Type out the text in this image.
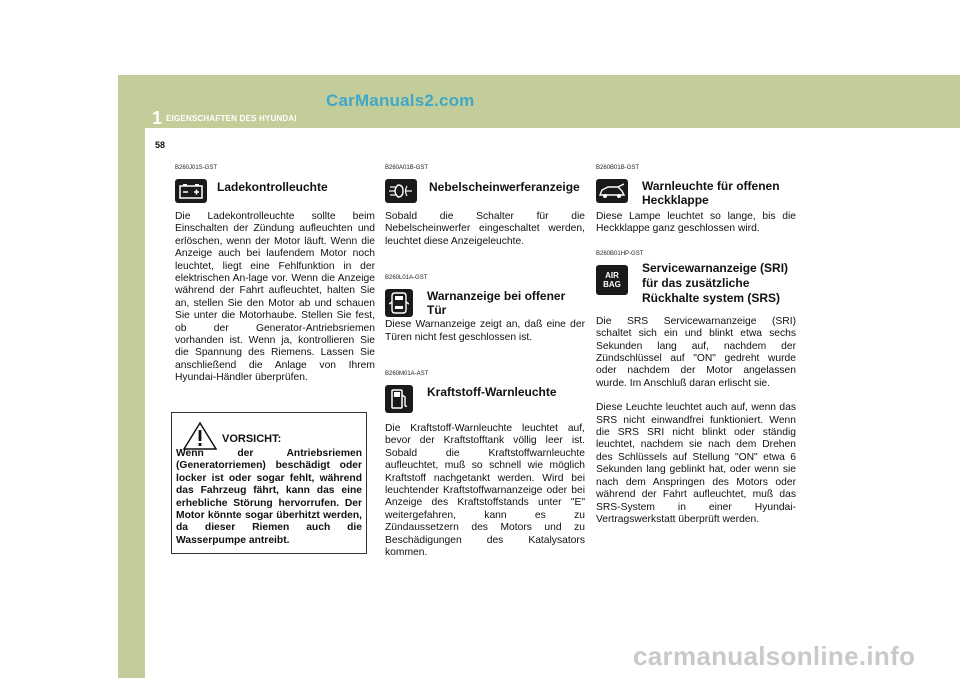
1 EIGENSCHAFTEN DES HYUNDAI
CarManuals2.com
58
B260J01S-GST
Ladekontrolleuchte

Die Ladekontrolleuchte sollte beim Einschalten der Zündung aufleuchten und erlöschen, wenn der Motor läuft. Wenn die Anzeige auch bei laufendem Motor noch leuchtet, liegt eine Fehlfunktion in der elektrischen An-lage vor. Wenn die Anzeige während der Fahrt aufleuchtet, halten Sie an, stellen Sie den Motor ab und schauen Sie unter die Motorhaube. Stellen Sie fest, ob der Generator-Antriebsriemen vorhanden ist. Wenn ja, kontrollieren Sie die Spannung des Riemens. Lassen Sie anschließend die Anlage von Ihrem Hyundai-Händler überprüfen.

VORSICHT:
Wenn der Antriebsriemen (Generatorriemen) beschädigt oder locker ist oder sogar fehlt, während das Fahrzeug fährt, kann das eine erhebliche Störung hervorrufen. Der Motor könnte sogar überhitzt werden, da dieser Riemen auch die Wasserpumpe antreibt.
B260A01B-GST
Nebelscheinwerferanzeige

Sobald die Schalter für die Nebelscheinwerfer eingeschaltet werden, leuchtet diese Anzeigeleuchte.

B260L01A-GST
Warnanzeige bei offener Tür

Diese Warnanzeige zeigt an, daß eine der Türen nicht fest geschlossen ist.

B260M01A-AST
Kraftstoff-Warnleuchte

Die Kraftstoff-Warnleuchte leuchtet auf, bevor der Kraftstofftank völlig leer ist. Sobald die Kraftstoffwarnleuchte aufleuchtet, muß so schnell wie möglich Kraftstoff nachgetankt werden. Wird bei leuchtender Kraftstoffwarnanzeige oder bei Anzeige des Kraftstoffstands unter "E" weitergefahren, kann es zu Zündaussetzern des Motors und zu Beschädigungen des Katalysators kommen.

B260B01B-GST
Warnleuchte für offenen Heckklappe

Diese Lampe leuchtet so lange, bis die Heckklappe ganz geschlossen wird.

B260B01HP-GST
AIR
BAG
Servicewarnanzeige (SRI) für das zusätzliche Rückhalte system (SRS)

Die SRS Servicewarnanzeige (SRI) schaltet sich ein und blinkt etwa sechs Sekunden lang auf, nachdem der Zündschlüssel auf "ON" gedreht wurde oder nachdem der Motor angelassen wurde. Im Anschluß daran erlischt sie.

Diese Leuchte leuchtet auch auf, wenn das SRS nicht einwandfrei funktioniert. Wenn die SRS SRI nicht blinkt oder ständig leuchtet, nachdem sie nach dem Drehen des Schlüssels auf Stellung "ON" etwa 6 Sekunden lang geblinkt hat, oder wenn sie nach dem Anspringen des Motors oder während der Fahrt aufleuchtet, muß das SRS-System in einer Hyundai-Vertragswerkstatt überprüft werden.

carmanualsonline.info
